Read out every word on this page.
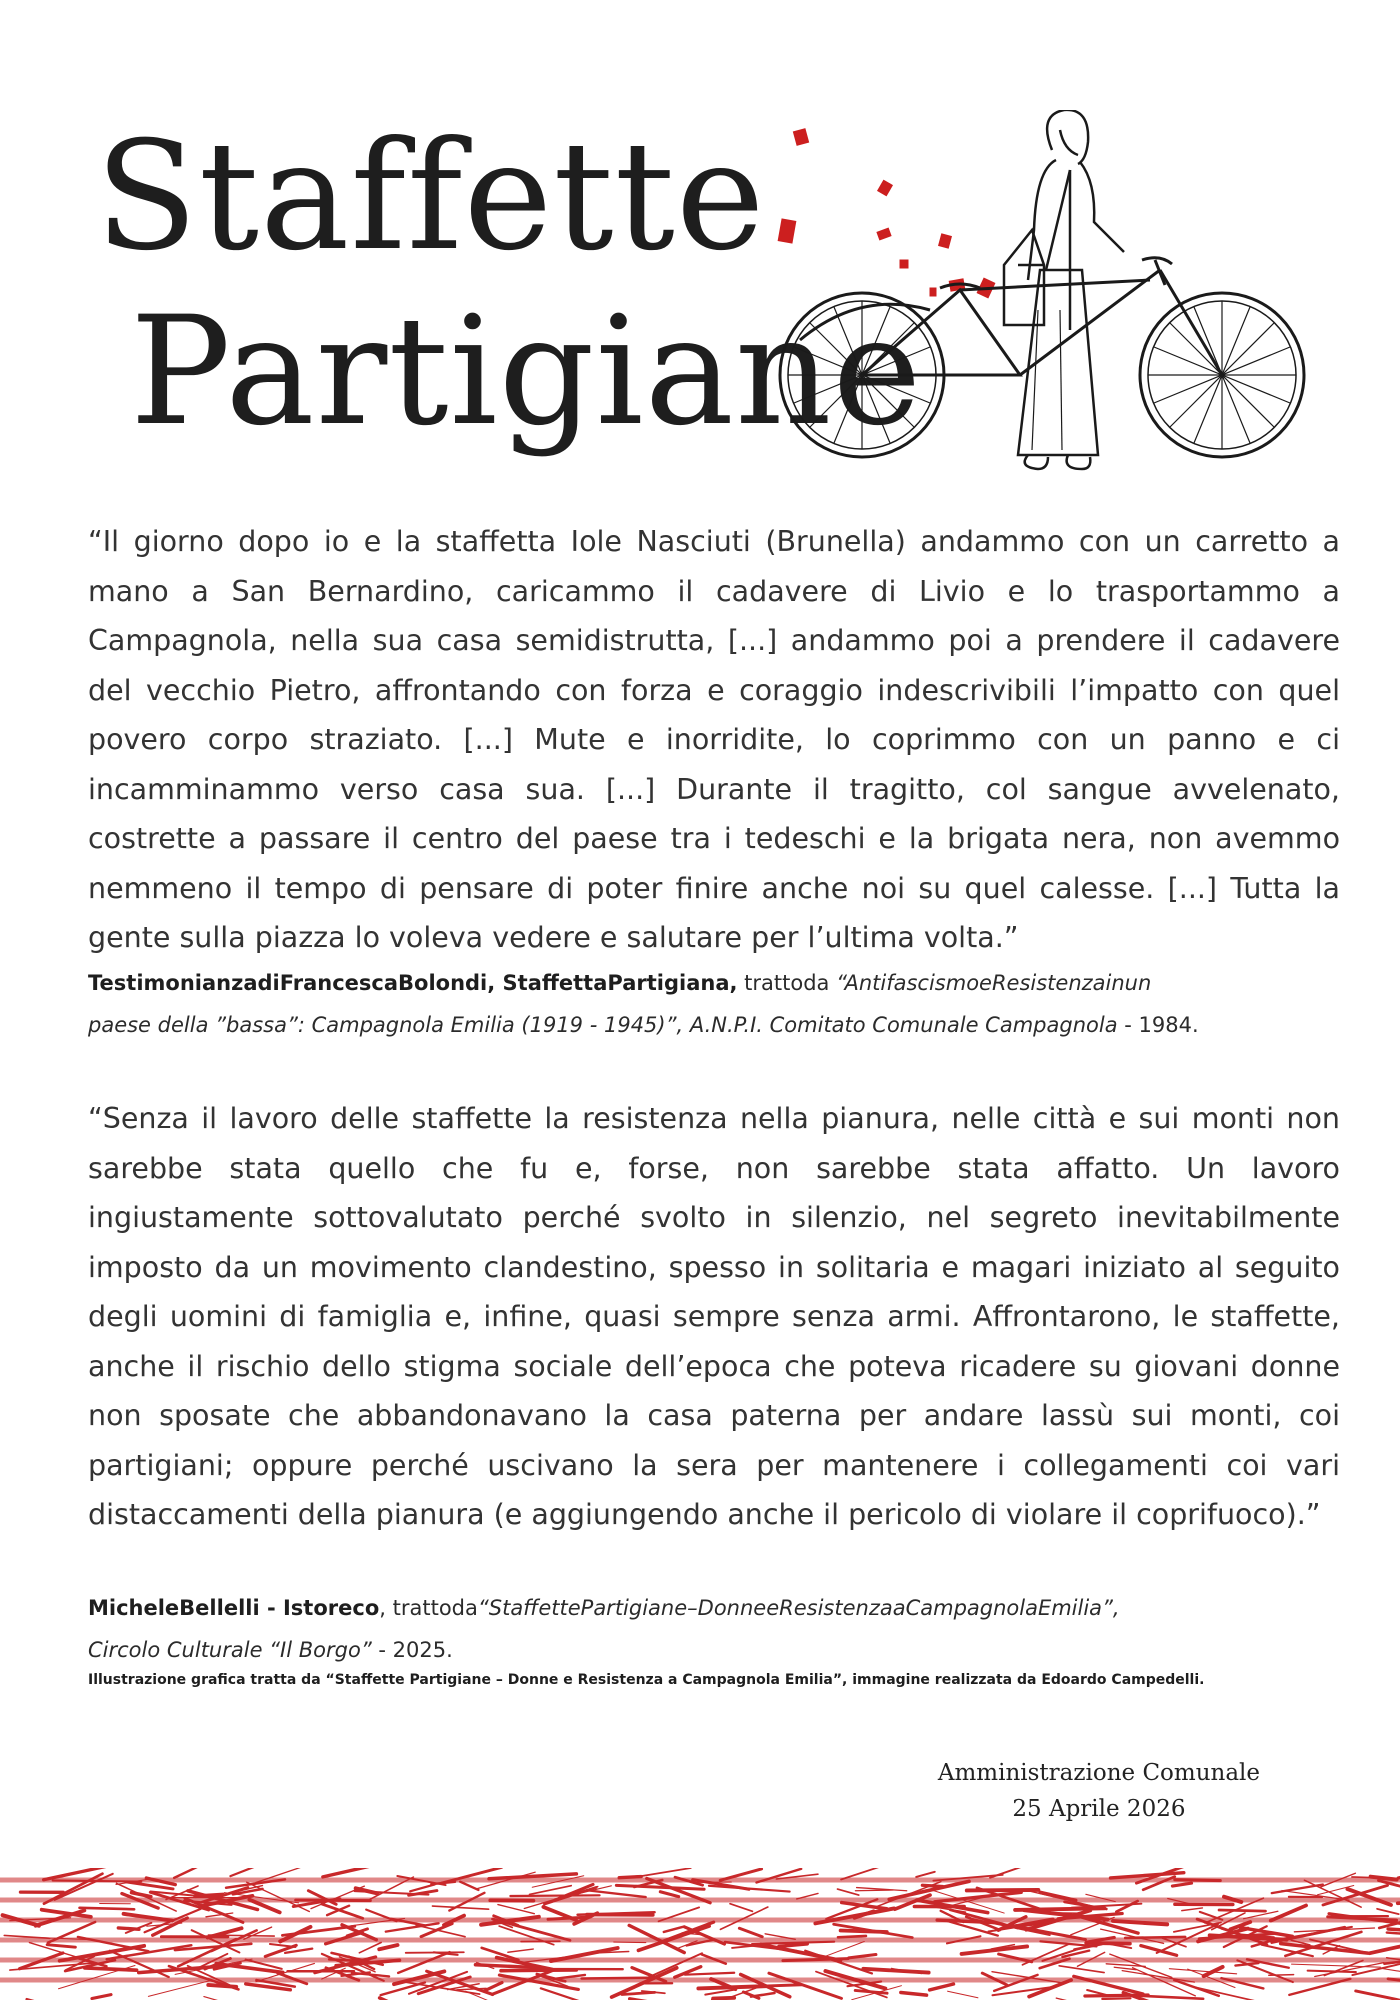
Staffette
Partigiane

“Il giorno dopo io e la staffetta Iole Nasciuti (Brunella) andammo con un carretto a mano a San Bernardino, caricammo il cadavere di Livio e lo trasportammo a Campagnola, nella sua casa semidistrutta, [...] andammo poi a prendere il cadavere del vecchio Pietro, affrontando con forza e coraggio indescrivibili l’impatto con quel povero corpo straziato. [...] Mute e inorridite, lo coprimmo con un panno e ci incamminammo verso casa sua. [...] Durante il tragitto, col sangue avvelenato, costrette a passare il centro del paese tra i tedeschi e la brigata nera, non avemmo nemmeno il tempo di pensare di poter finire anche noi su quel calesse. [...] Tutta la gente sulla piazza lo voleva vedere e salutare per l’ultima volta.”

TestimonianzadiFrancescaBolondi, StaffettaPartigiana, trattoda “AntifascismoeResistenzainun
paese della ”bassa”: Campagnola Emilia (1919 - 1945)”, A.N.P.I. Comitato Comunale Campagnola - 1984.

“Senza il lavoro delle staffette la resistenza nella pianura, nelle città e sui monti non sarebbe stata quello che fu e, forse, non sarebbe stata affatto. Un lavoro ingiustamente sottovalutato perché svolto in silenzio, nel segreto inevitabilmente imposto da un movimento clandestino, spesso in solitaria e magari iniziato al seguito degli uomini di famiglia e, infine, quasi sempre senza armi. Affrontarono, le staffette, anche il rischio dello stigma sociale dell’epoca che poteva ricadere su giovani donne non sposate che abbandonavano la casa paterna per andare lassù sui monti, coi partigiani; oppure perché uscivano la sera per mantenere i collegamenti coi vari distaccamenti della pianura (e aggiungendo anche il pericolo di violare il coprifuoco).”

MicheleBellelli - Istoreco, trattoda“StaffettePartigiane–DonneeResistenzaaCampagnolaEmilia”,
Circolo Culturale “Il Borgo” - 2025.

Illustrazione grafica tratta da “Staffette Partigiane – Donne e Resistenza a Campagnola Emilia”, immagine realizzata da Edoardo Campedelli.

Amministrazione Comunale
25 Aprile 2026
